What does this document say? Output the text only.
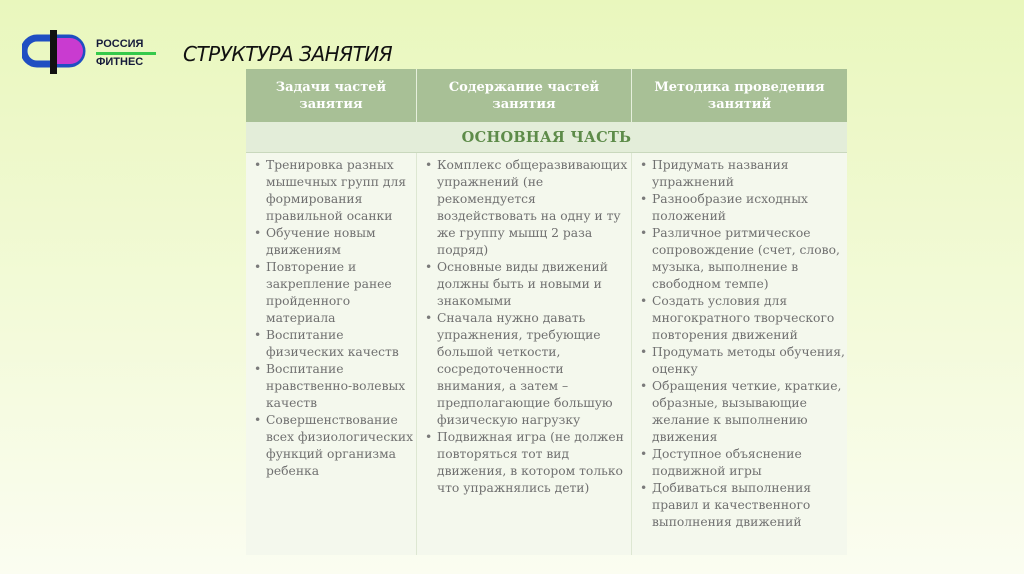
РОССИЯ
ФИТНЕС СТРУКТУРА ЗАНЯТИЯ
Задачи частей занятия
Содержание частей занятия
Методика проведения занятий
ОСНОВНАЯ ЧАСТЬ
• Тренировка разных мышечных групп для формирования правильной осанки
• Обучение новым движениям
• Повторение и закрепление ранее пройденного материала
• Воспитание физических качеств
• Воспитание нравственно-волевых качеств
• Совершенствование всех физиологических функций организма ребенка
• Комплекс общеразвивающих упражнений (не рекомендуется воздействовать на одну и ту же группу мышц 2 раза подряд)
• Основные виды движений должны быть и новыми и знакомыми
• Сначала нужно давать упражнения, требующие большой четкости, сосредоточенности внимания, а затем – предполагающие большую физическую нагрузку
• Подвижная игра (не должен повторяться тот вид движения, в котором только что упражнялись дети)
• Придумать названия упражнений
• Разнообразие исходных положений
• Различное ритмическое сопровождение (счет, слово, музыка, выполнение в свободном темпе)
• Создать условия для многократного творческого повторения движений
• Продумать методы обучения, оценку
• Обращения четкие, краткие, образные, вызывающие желание к выполнению движения
• Доступное объяснение подвижной игры
• Добиваться выполнения правил и качественного выполнения движений
